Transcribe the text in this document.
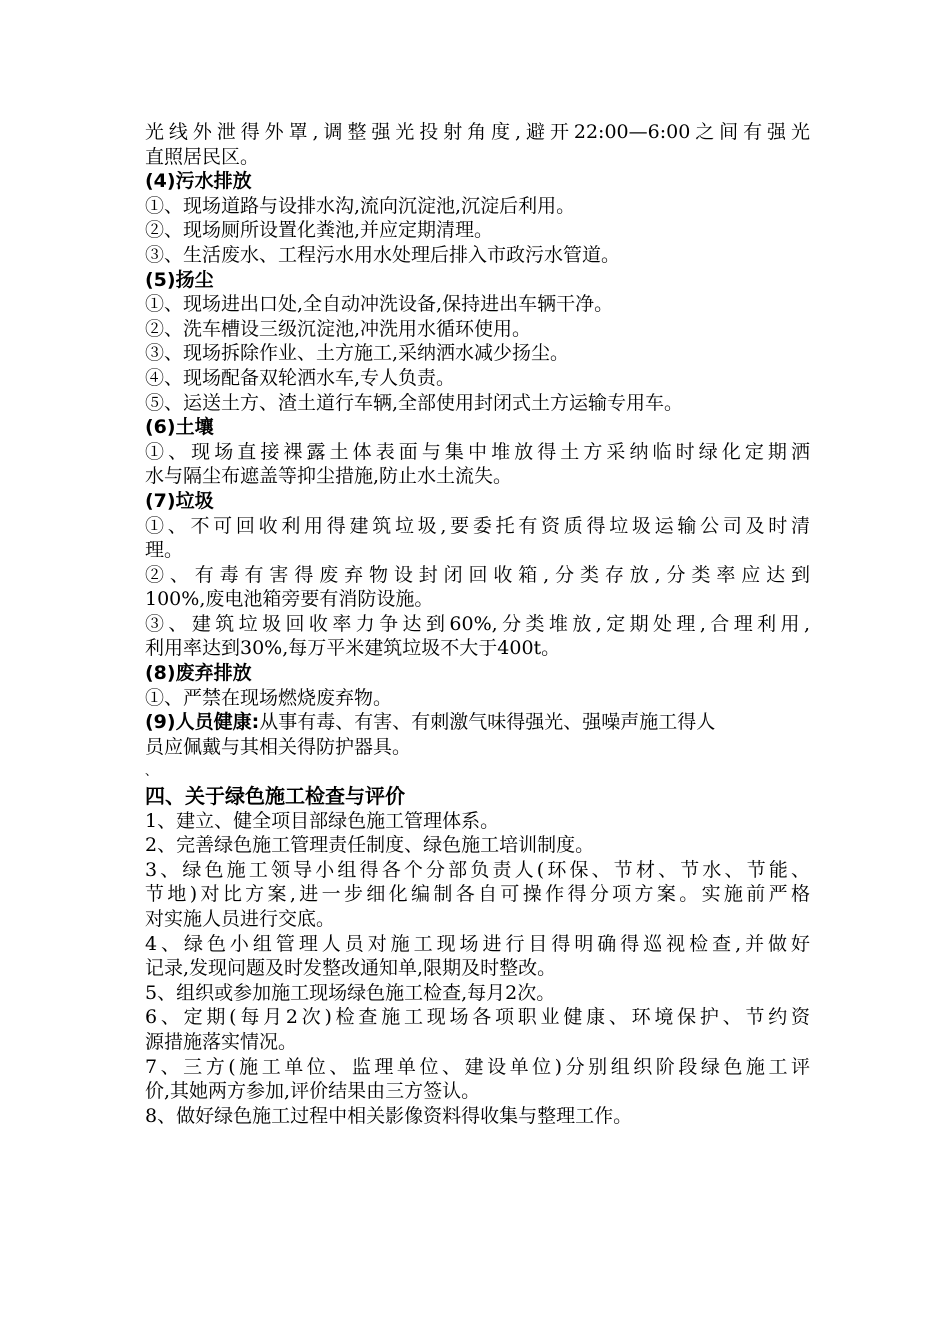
光线外泄得外罩,调整强光投射角度,避开22:00—6:00之间有强光

直照居民区。

(4)污水排放

①、现场道路与设排水沟,流向沉淀池,沉淀后利用。

②、现场厕所设置化粪池,并应定期清理。

③、生活废水、工程污水用水处理后排入市政污水管道。

(5)扬尘

①、现场进出口处,全自动冲洗设备,保持进出车辆干净。

②、洗车槽设三级沉淀池,冲洗用水循环使用。

③、现场拆除作业、土方施工,采纳洒水减少扬尘。

④、现场配备双轮洒水车,专人负责。

⑤、运送土方、渣土道行车辆,全部使用封闭式土方运输专用车。

(6)土壤

①、现场直接裸露土体表面与集中堆放得土方采纳临时绿化定期洒

水与隔尘布遮盖等抑尘措施,防止水土流失。

(7)垃圾

①、不可回收利用得建筑垃圾,要委托有资质得垃圾运输公司及时清

理。

②、有毒有害得废弃物设封闭回收箱,分类存放,分类率应达到

100%,废电池箱旁要有消防设施。

③、建筑垃圾回收率力争达到60%,分类堆放,定期处理,合理利用,

利用率达到30%,每万平米建筑垃圾不大于400t。

(8)废弃排放

①、严禁在现场燃烧废弃物。

(9)人员健康:从事有毒、有害、有刺激气味得强光、强噪声施工得人

员应佩戴与其相关得防护器具。

、

四、关于绿色施工检查与评价

1、建立、健全项目部绿色施工管理体系。

2、完善绿色施工管理责任制度、绿色施工培训制度。

3、绿色施工领导小组得各个分部负责人(环保、节材、节水、节能、

节地)对比方案,进一步细化编制各自可操作得分项方案。实施前严格

对实施人员进行交底。

4、绿色小组管理人员对施工现场进行目得明确得巡视检查,并做好

记录,发现问题及时发整改通知单,限期及时整改。

5、组织或参加施工现场绿色施工检查,每月2次。

6、定期(每月2次)检查施工现场各项职业健康、环境保护、节约资

源措施落实情况。

7、三方(施工单位、监理单位、建设单位)分别组织阶段绿色施工评

价,其她两方参加,评价结果由三方签认。

8、做好绿色施工过程中相关影像资料得收集与整理工作。
